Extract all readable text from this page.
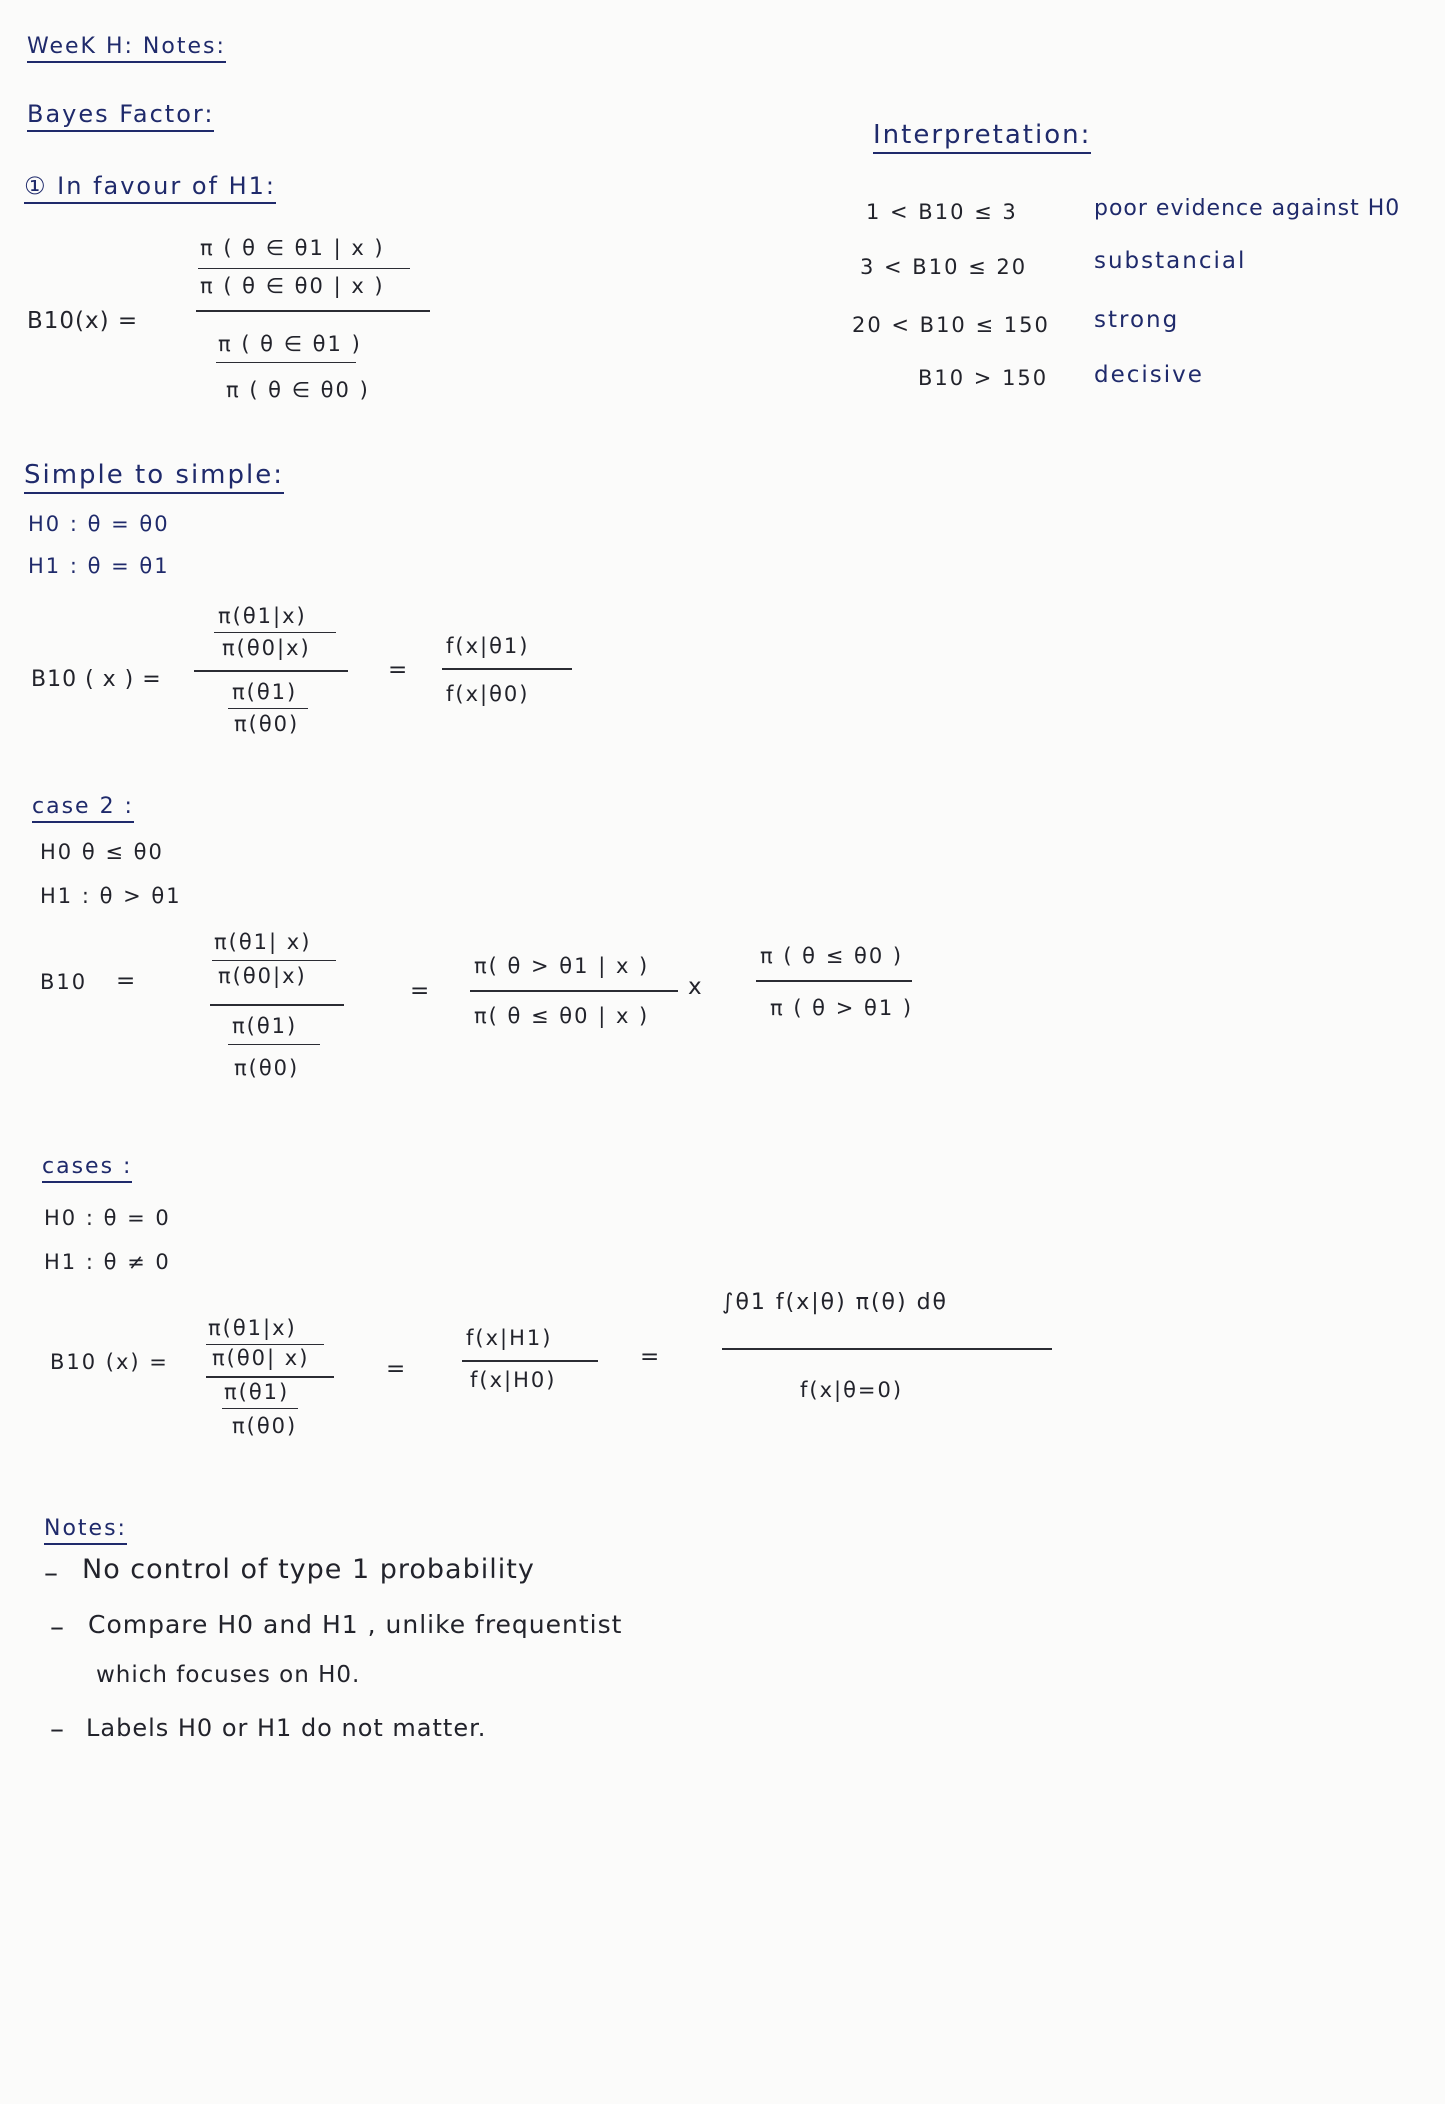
WeeK H: Notes:
Bayes Factor:
Interpretation:
1 < B10 ≤ 3	poor evidence against H0
3 < B10 ≤ 20	substancial
20 < B10 ≤ 150 strong
B10 > 150 decisive
① In favour of H1:
B10(x) =
π ( θ ∈ θ1 | x )
π ( θ ∈ θ0 | x )
π ( θ ∈ θ1 )
π ( θ ∈ θ0 )
Simple to simple:
H0 : θ = θ0
H1 : θ = θ1
B10 ( x ) =
π(θ1|x)
π(θ0|x)
π(θ1)
π(θ0)
=
f(x|θ1)
f(x|θ0)
case 2 :
H0 θ ≤ θ0
H1 : θ > θ1
B10 =
π(θ1| x)
π(θ0|x)
π(θ1)
π(θ0)
=
π( θ > θ1 | x )
π( θ ≤ θ0 | x )
x
π ( θ ≤ θ0 )
π ( θ > θ1 )
cases :
H0 : θ = 0
H1 : θ ≠ 0
B10 (x) =
π(θ1|x)
π(θ0| x)
π(θ1)
π(θ0)
=
f(x|H1)
f(x|H0)
=
∫θ1 f(x|θ) π(θ) dθ
f(x|θ=0)
Notes:
– No control of type 1 probability
– Compare H0 and H1 , unlike frequentist
which focuses on H0.
– Labels H0 or H1 do not matter.
